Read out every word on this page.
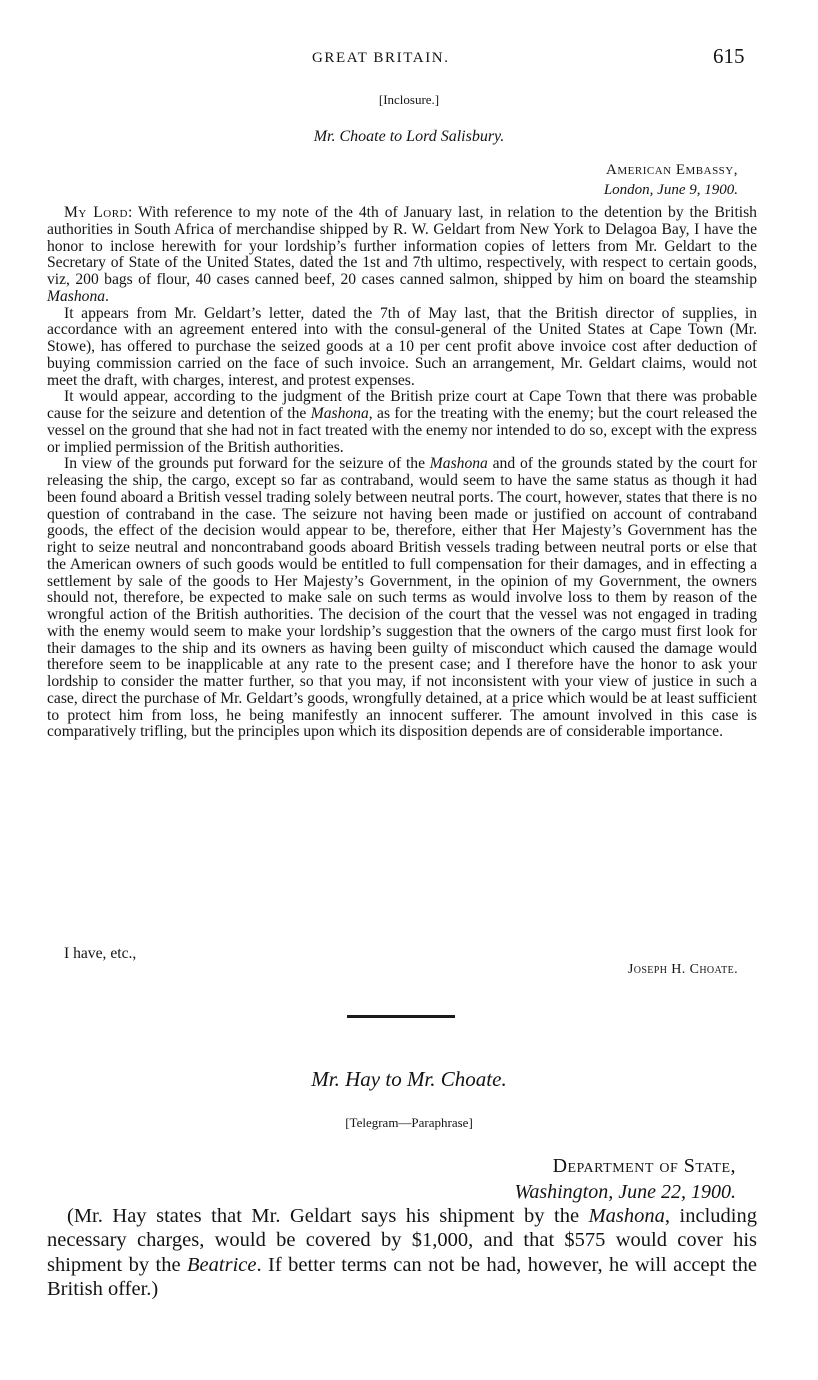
GREAT BRITAIN.	615
[Inclosure.]
Mr. Choate to Lord Salisbury.
American Embassy,
London, June 9, 1900.

My Lord: With reference to my note of the 4th of January last, in relation to the detention by the British authorities in South Africa of merchandise shipped by R. W. Geldart from New York to Delagoa Bay, I have the honor to inclose herewith for your lordship’s further information copies of letters from Mr. Geldart to the Secretary of State of the United States, dated the 1st and 7th ultimo, respectively, with respect to certain goods, viz, 200 bags of flour, 40 cases canned beef, 20 cases canned salmon, shipped by him on board the steamship Mashona.

It appears from Mr. Geldart’s letter, dated the 7th of May last, that the British director of supplies, in accordance with an agreement entered into with the consul-general of the United States at Cape Town (Mr. Stowe), has offered to purchase the seized goods at a 10 per cent profit above invoice cost after deduction of buying commission carried on the face of such invoice. Such an arrangement, Mr. Geldart claims, would not meet the draft, with charges, interest, and protest expenses.

It would appear, according to the judgment of the British prize court at Cape Town that there was probable cause for the seizure and detention of the Mashona, as for the treating with the enemy; but the court released the vessel on the ground that she had not in fact treated with the enemy nor intended to do so, except with the express or implied permission of the British authorities.

In view of the grounds put forward for the seizure of the Mashona and of the grounds stated by the court for releasing the ship, the cargo, except so far as contraband, would seem to have the same status as though it had been found aboard a British vessel trading solely between neutral ports. The court, however, states that there is no question of contraband in the case. The seizure not having been made or justified on account of contraband goods, the effect of the decision would appear to be, therefore, either that Her Majesty’s Government has the right to seize neutral and noncontraband goods aboard British vessels trading between neutral ports or else that the American owners of such goods would be entitled to full compensation for their damages, and in effecting a settlement by sale of the goods to Her Majesty’s Government, in the opinion of my Government, the owners should not, therefore, be expected to make sale on such terms as would involve loss to them by reason of the wrongful action of the British authorities. The decision of the court that the vessel was not engaged in trading with the enemy would seem to make your lordship’s suggestion that the owners of the cargo must first look for their damages to the ship and its owners as having been guilty of misconduct which caused the damage would therefore seem to be inapplicable at any rate to the present case; and I therefore have the honor to ask your lordship to consider the matter further, so that you may, if not inconsistent with your view of justice in such a case, direct the purchase of Mr. Geldart’s goods, wrongfully detained, at a price which would be at least sufficient to protect him from loss, he being manifestly an innocent sufferer. The amount involved in this case is comparatively trifling, but the principles upon which its disposition depends are of considerable importance.

I have, etc.,
Joseph H. Choate.
Mr. Hay to Mr. Choate.
[Telegram—Paraphrase]
Department of State,
Washington, June 22, 1900.

(Mr. Hay states that Mr. Geldart says his shipment by the Mashona, including necessary charges, would be covered by $1,000, and that $575 would cover his shipment by the Beatrice. If better terms can not be had, however, he will accept the British offer.)
